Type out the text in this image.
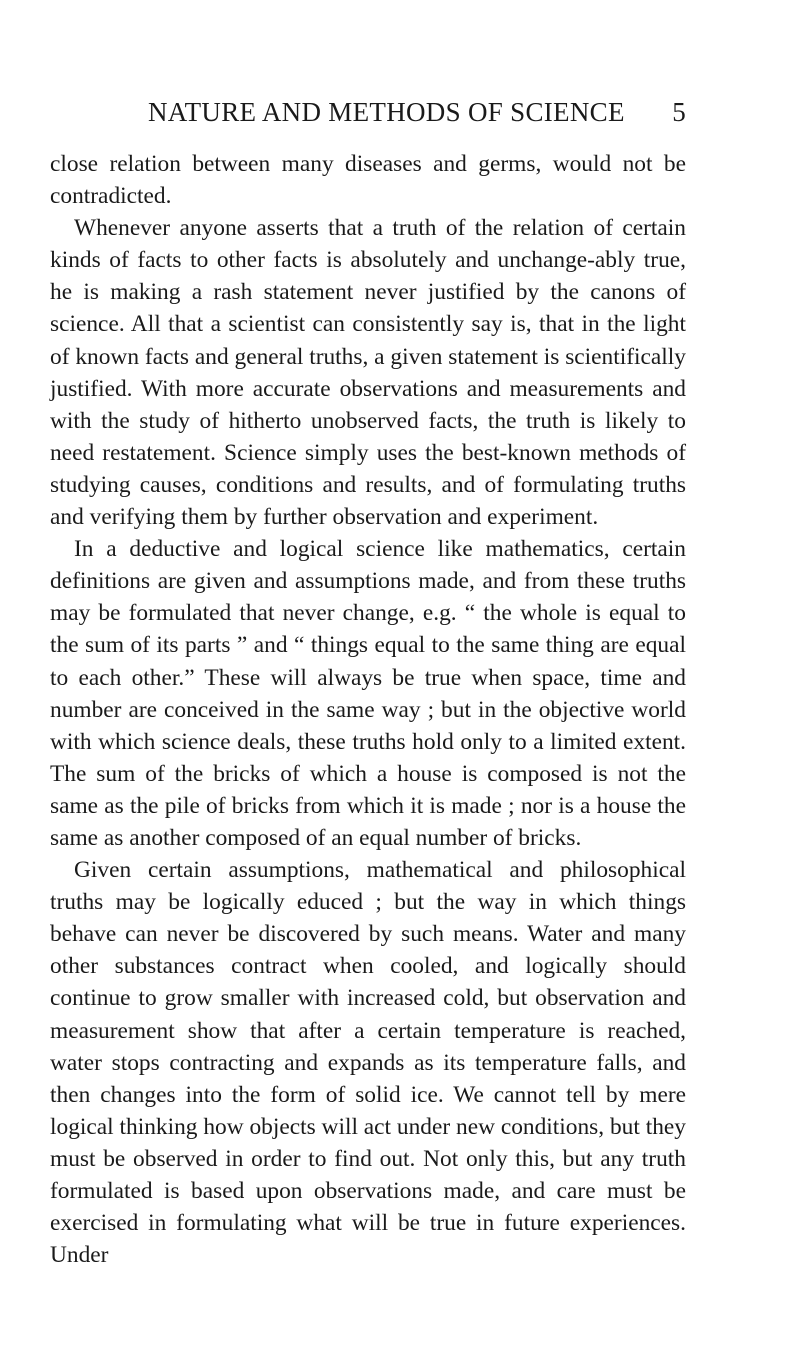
NATURE AND METHODS OF SCIENCE 5

close relation between many diseases and germs, would not be contradicted.

Whenever anyone asserts that a truth of the relation of certain kinds of facts to other facts is absolutely and unchange-ably true, he is making a rash statement never justified by the canons of science. All that a scientist can consistently say is, that in the light of known facts and general truths, a given statement is scientifically justified. With more accurate observations and measurements and with the study of hitherto unobserved facts, the truth is likely to need restatement. Science simply uses the best-known methods of studying causes, conditions and results, and of formulating truths and verifying them by further observation and experiment.

In a deductive and logical science like mathematics, certain definitions are given and assumptions made, and from these truths may be formulated that never change, e.g. “ the whole is equal to the sum of its parts ” and “ things equal to the same thing are equal to each other.” These will always be true when space, time and number are conceived in the same way ; but in the objective world with which science deals, these truths hold only to a limited extent. The sum of the bricks of which a house is composed is not the same as the pile of bricks from which it is made ; nor is a house the same as another composed of an equal number of bricks.

Given certain assumptions, mathematical and philosophical truths may be logically educed ; but the way in which things behave can never be discovered by such means. Water and many other substances contract when cooled, and logically should continue to grow smaller with increased cold, but observation and measurement show that after a certain temperature is reached, water stops contracting and expands as its temperature falls, and then changes into the form of solid ice. We cannot tell by mere logical thinking how objects will act under new conditions, but they must be observed in order to find out. Not only this, but any truth formulated is based upon observations made, and care must be exercised in formulating what will be true in future experiences. Under
